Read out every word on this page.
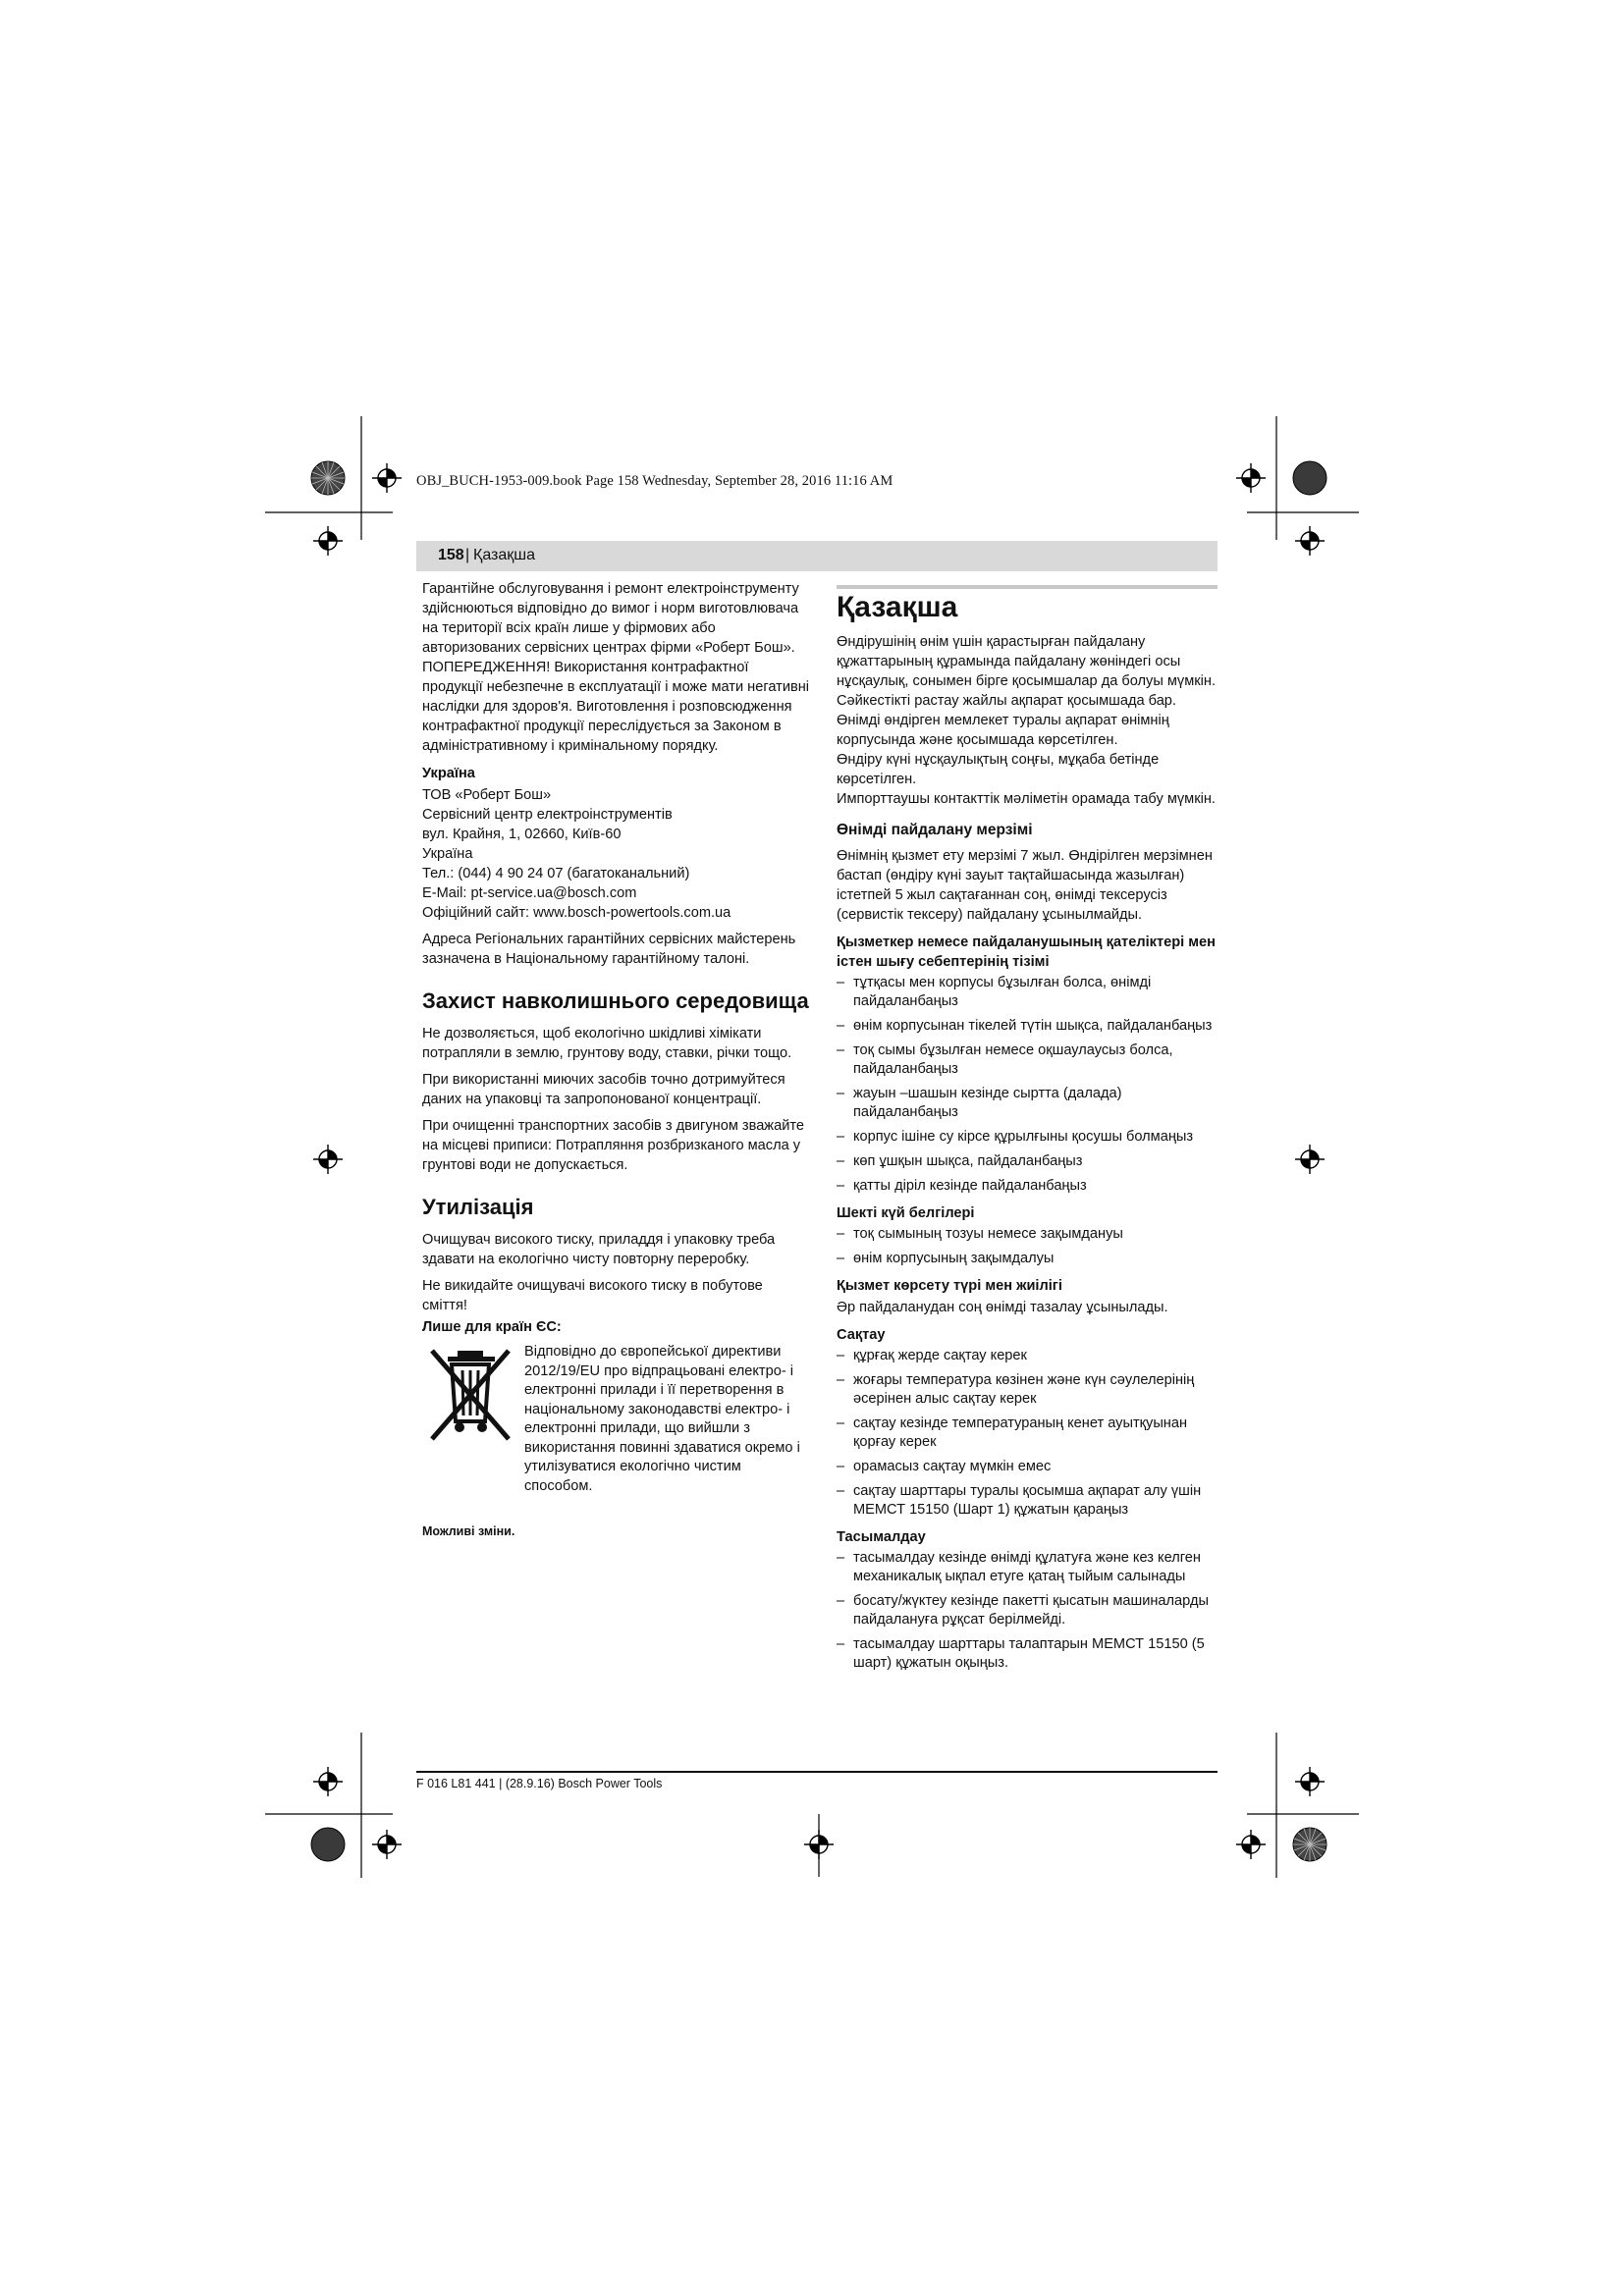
OBJ_BUCH-1953-009.book Page 158 Wednesday, September 28, 2016 11:16 AM
158 | Қазақша

Гарантійне обслуговування і ремонт електроінструменту здійснюються відповідно до вимог і норм виготовлювача на території всіх країн лише у фірмових або авторизованих сервісних центрах фірми «Роберт Бош». ПОПЕРЕДЖЕННЯ! Використання контрафактної продукції небезпечне в експлуатації і може мати негативні наслідки для здоров'я. Виготовлення і розповсюдження контрафактної продукції переслідується за Законом в адміністративному і кримінальному порядку.

Україна
ТОВ «Роберт Бош»
Сервісний центр електроінструментів
вул. Крайня, 1, 02660, Київ-60
Україна
Тел.: (044) 4 90 24 07 (багатоканальний)
E-Mail: pt-service.ua@bosch.com
Офіційний сайт: www.bosch-powertools.com.ua

Адреса Регіональних гарантійних сервісних майстерень зазначена в Національному гарантійному талоні.

Захист навколишнього середовища

Не дозволяється, щоб екологічно шкідливі хімікати потрапляли в землю, грунтову воду, ставки, річки тощо.

При використанні миючих засобів точно дотримуйтеся даних на упаковці та запропонованої концентрації.

При очищенні транспортних засобів з двигуном зважайте на місцеві приписи: Потрапляння розбризканого масла у грунтові води не допускається.

Утилізація

Очищувач високого тиску, приладдя і упаковку треба здавати на екологічно чисту повторну переробку.

Не викидайте очищувачі високого тиску в побутове сміття!

Лише для країн ЄС:
Відповідно до європейської директиви 2012/19/EU про відпрацьовані електро- і електронні прилади і її перетворення в національному законодавстві електро- і електронні прилади, що вийшли з використання повинні здаватися окремо і утилізуватися екологічно чистим способом.
Можливі зміни.
Қазақша
Өндірушінің өнім үшін қарастырған пайдалану құжаттарының құрамында пайдалану жөніндегі осы нұсқаулық, сонымен бірге қосымшалар да болуы мүмкін.
Сәйкестікті растау жайлы ақпарат қосымшада бар.
Өнімді өндірген мемлекет туралы ақпарат өнімнің корпусында және қосымшада көрсетілген.
Өндіру күні нұсқаулықтың соңғы, мұқаба бетінде көрсетілген.
Импорттаушы контакттік мәліметін орамада табу мүмкін.
Өнімді пайдалану мерзімі

Өнімнің қызмет ету мерзімі 7 жыл. Өндірілген мерзімнен бастап (өндіру күні зауыт тақтайшасында жазылған) істетпей 5 жыл сақтағаннан соң, өнімді тексерусіз (сервистік тексеру) пайдалану ұсынылмайды.

Қызметкер немесе пайдаланушының қателіктері мен істен шығу себептерінің тізімі
– тұтқасы мен корпусы бұзылған болса, өнімді пайдаланбаңыз
– өнім корпусынан тікелей түтін шықса, пайдаланбаңыз
– тоқ сымы бұзылған немесе оқшаулаусыз болса, пайдаланбаңыз
– жауын –шашын кезінде сыртта (далада) пайдаланбаңыз
– корпус ішіне су кірсе құрылғыны қосушы болмаңыз
– көп ұшқын шықса, пайдаланбаңыз
– қатты діріл кезінде пайдаланбаңыз
Шекті күй белгілері
– тоқ сымының тозуы немесе зақымдануы
– өнім корпусының зақымдалуы
Қызмет көрсету түрі мен жиілігі

Әр пайдаланудан соң өнімді тазалау ұсынылады.

Сақтау
– құрғақ жерде сақтау керек
– жоғары температура көзінен және күн сәулелерінің әсерінен алыс сақтау керек
– сақтау кезінде температураның кенет ауытқуынан қорғау керек
– орамасыз сақтау мүмкін емес
– сақтау шарттары туралы қосымша ақпарат алу үшін МЕМСТ 15150 (Шарт 1) құжатын қараңыз
Тасымалдау
– тасымалдау кезінде өнімді құлатуға және кез келген механикалық ықпал етуге қатаң тыйым салынады
– босату/жүктеу кезінде пакетті қысатын машиналарды пайдалануға рұқсат берілмейді.
– тасымалдау шарттары талаптарын МЕМСТ 15150 (5 шарт) құжатын оқыңыз.
F 016 L81 441 | (28.9.16) Bosch Power Tools
